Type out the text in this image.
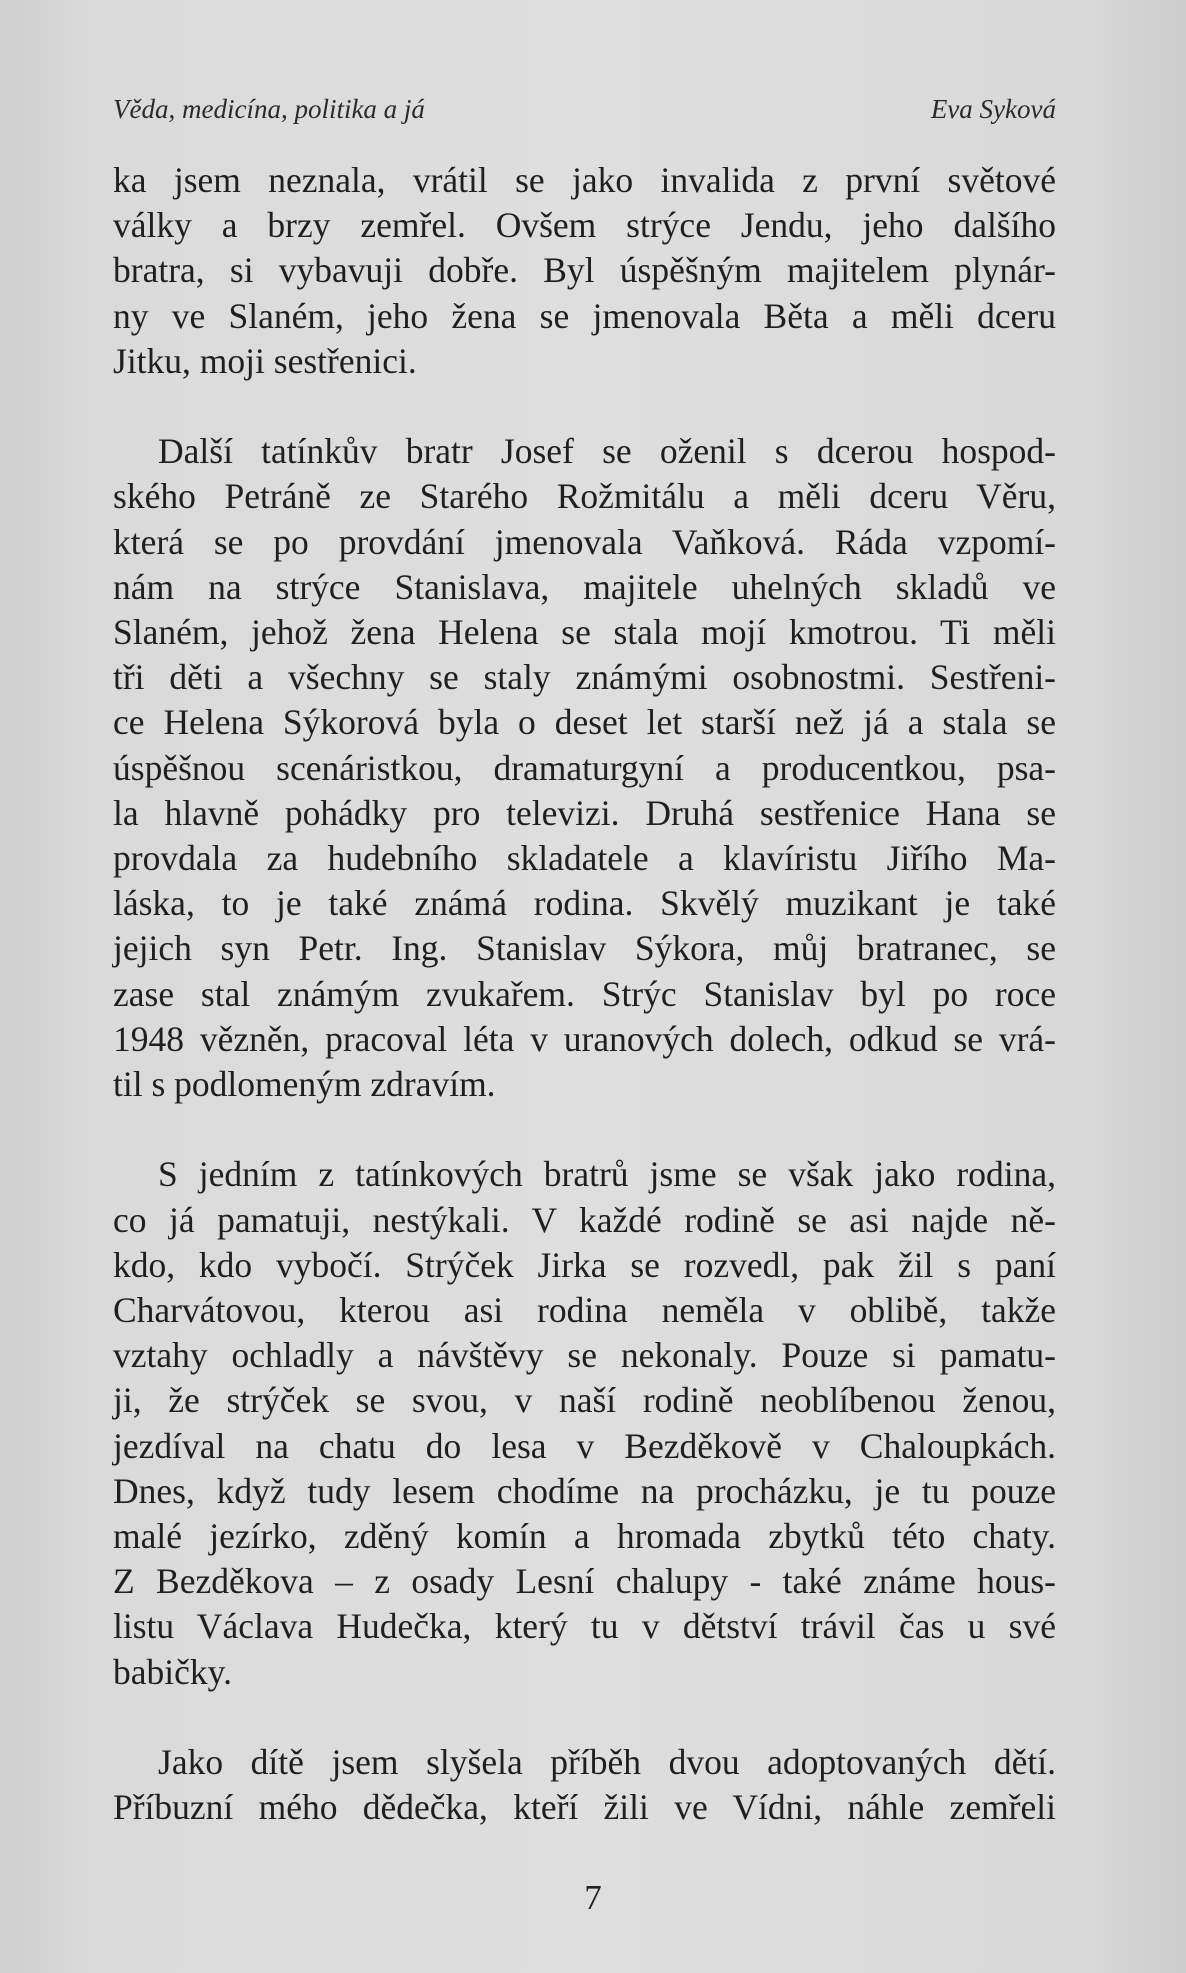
Věda, medicína, politika a já	Eva Syková
ka jsem neznala, vrátil se jako invalida z první světové
války a brzy zemřel. Ovšem strýce Jendu, jeho dalšího
bratra, si vybavuji dobře. Byl úspěšným majitelem plynár-
ny ve Slaném, jeho žena se jmenovala Běta a měli dceru
Jitku, moji sestřenici.
Další tatínkův bratr Josef se oženil s dcerou hospod-
ského Petráně ze Starého Rožmitálu a měli dceru Věru,
která se po provdání jmenovala Vaňková. Ráda vzpomí-
nám na strýce Stanislava, majitele uhelných skladů ve
Slaném, jehož žena Helena se stala mojí kmotrou. Ti měli
tři děti a všechny se staly známými osobnostmi. Sestřeni-
ce Helena Sýkorová byla o deset let starší než já a stala se
úspěšnou scenáristkou, dramaturgyní a producentkou, psa-
la hlavně pohádky pro televizi. Druhá sestřenice Hana se
provdala za hudebního skladatele a klavíristu Jiřího Ma-
láska, to je také známá rodina. Skvělý muzikant je také
jejich syn Petr. Ing. Stanislav Sýkora, můj bratranec, se
zase stal známým zvukařem. Strýc Stanislav byl po roce
1948 vězněn, pracoval léta v uranových dolech, odkud se vrá-
til s podlomeným zdravím.
S jedním z tatínkových bratrů jsme se však jako rodina,
co já pamatuji, nestýkali. V každé rodině se asi najde ně-
kdo, kdo vybočí. Strýček Jirka se rozvedl, pak žil s paní
Charvátovou, kterou asi rodina neměla v oblibě, takže
vztahy ochladly a návštěvy se nekonaly. Pouze si pamatu-
ji, že strýček se svou, v naší rodině neoblíbenou ženou,
jezdíval na chatu do lesa v Bezděkově v Chaloupkách.
Dnes, když tudy lesem chodíme na procházku, je tu pouze
malé jezírko, zděný komín a hromada zbytků této chaty.
Z Bezděkova – z osady Lesní chalupy - také známe hous-
listu Václava Hudečka, který tu v dětství trávil čas u své
babičky.
Jako dítě jsem slyšela příběh dvou adoptovaných dětí.
Příbuzní mého dědečka, kteří žili ve Vídni, náhle zemřeli
7
